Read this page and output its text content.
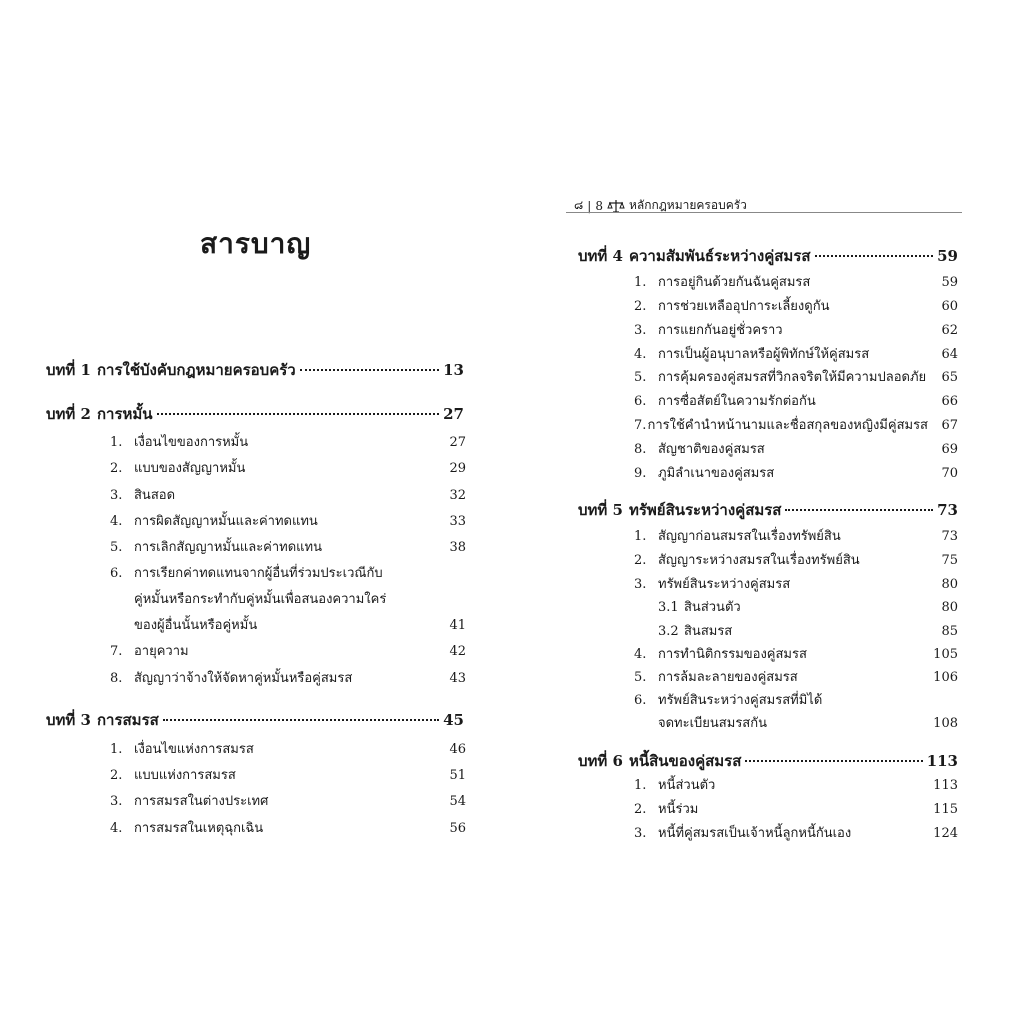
สารบาญ
บทที่ 1 การใช้บังคับกฎหมายครอบครัว	13
บทที่ 2 การหมั้น	27
1. เงื่อนไขของการหมั้น	27
2. แบบของสัญญาหมั้น	29
3. สินสอด	32
4. การผิดสัญญาหมั้นและค่าทดแทน	33
5. การเลิกสัญญาหมั้นและค่าทดแทน	38
6. การเรียกค่าทดแทนจากผู้อื่นที่ร่วมประเวณีกับ
คู่หมั้นหรือกระทำกับคู่หมั้นเพื่อสนองความใคร่
ของผู้อื่นนั้นหรือคู่หมั้น	41
7. อายุความ	42
8. สัญญาว่าจ้างให้จัดหาคู่หมั้นหรือคู่สมรส	43
บทที่ 3 การสมรส	45
1. เงื่อนไขแห่งการสมรส	46
2. แบบแห่งการสมรส	51
3. การสมรสในต่างประเทศ	54
4. การสมรสในเหตุฉุกเฉิน	56
๘ | 8 หลักกฎหมายครอบครัว
บทที่ 4 ความสัมพันธ์ระหว่างคู่สมรส	59
1. การอยู่กินด้วยกันฉันคู่สมรส	59
2. การช่วยเหลืออุปการะเลี้ยงดูกัน	60
3. การแยกกันอยู่ชั่วคราว	62
4. การเป็นผู้อนุบาลหรือผู้พิทักษ์ให้คู่สมรส	64
5. การคุ้มครองคู่สมรสที่วิกลจริตให้มีความปลอดภัย	65
6. การซื่อสัตย์ในความรักต่อกัน	66
7. การใช้คำนำหน้านามและชื่อสกุลของหญิงมีคู่สมรส	67
8. สัญชาติของคู่สมรส	69
9. ภูมิลำเนาของคู่สมรส	70
บทที่ 5 ทรัพย์สินระหว่างคู่สมรส	73
1. สัญญาก่อนสมรสในเรื่องทรัพย์สิน	73
2. สัญญาระหว่างสมรสในเรื่องทรัพย์สิน	75
3. ทรัพย์สินระหว่างคู่สมรส	80
3.1 สินส่วนตัว	80
3.2 สินสมรส	85
4. การทำนิติกรรมของคู่สมรส	105
5. การล้มละลายของคู่สมรส	106
6. ทรัพย์สินระหว่างคู่สมรสที่มิได้
จดทะเบียนสมรสกัน	108
บทที่ 6 หนี้สินของคู่สมรส	113
1. หนี้ส่วนตัว	113
2. หนี้ร่วม	115
3. หนี้ที่คู่สมรสเป็นเจ้าหนี้ลูกหนี้กันเอง	124
